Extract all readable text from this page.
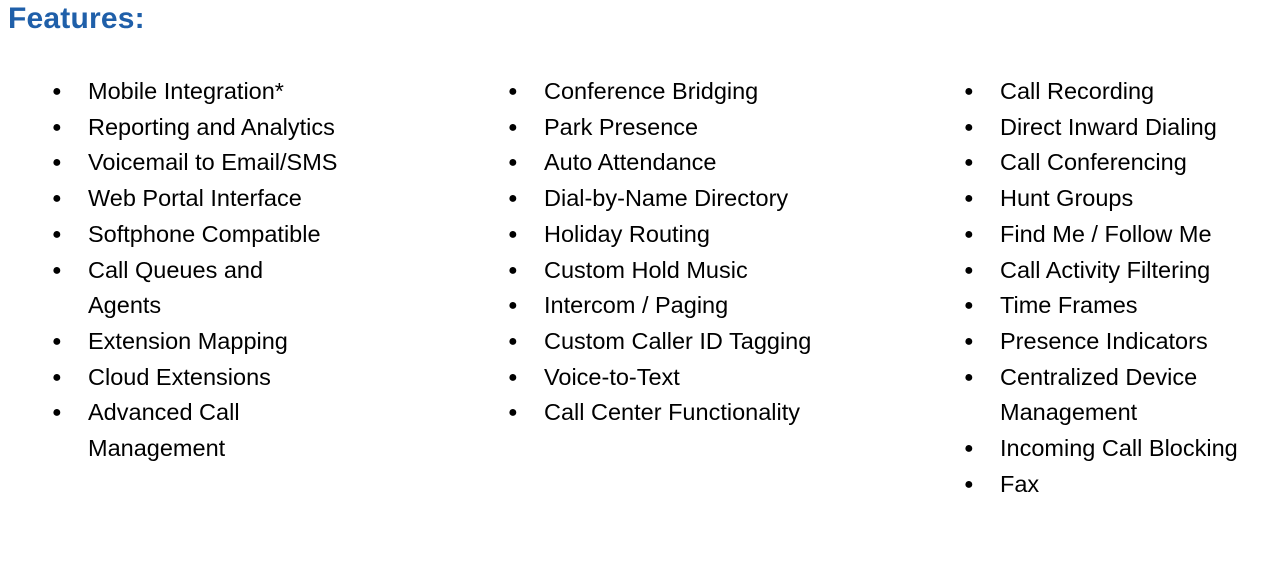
Features:
● Mobile Integration*
● Reporting and Analytics
● Voicemail to Email/SMS
● Web Portal Interface
● Softphone Compatible
● Call Queues and Agents
● Extension Mapping
● Cloud Extensions
● Advanced Call Management
● Conference Bridging
● Park Presence
● Auto Attendance
● Dial-by-Name Directory
● Holiday Routing
● Custom Hold Music
● Intercom / Paging
● Custom Caller ID Tagging
● Voice-to-Text
● Call Center Functionality
● Call Recording
● Direct Inward Dialing
● Call Conferencing
● Hunt Groups
● Find Me / Follow Me
● Call Activity Filtering
● Time Frames
● Presence Indicators
● Centralized Device Management
● Incoming Call Blocking
● Fax
